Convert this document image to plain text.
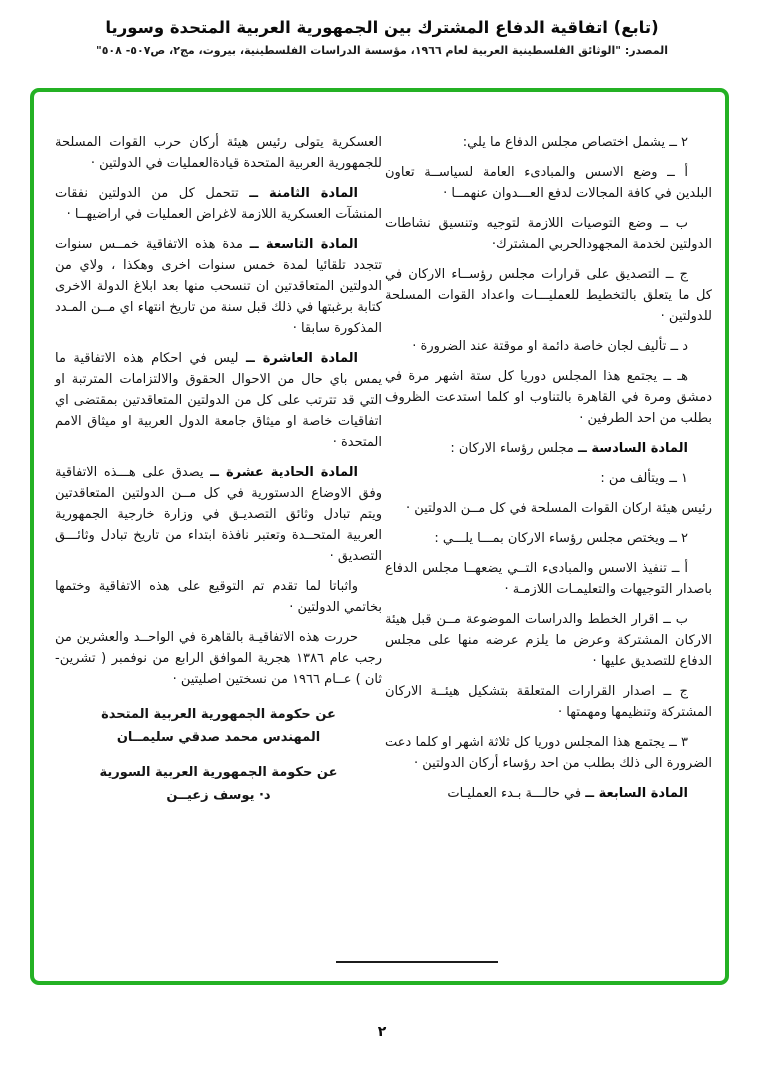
(تابع) اتفاقية الدفاع المشترك بين الجمهورية العربية المتحدة وسوريا
المصدر: "الوثائق الفلسطينية العربية لعام ١٩٦٦، مؤسسة الدراسات الفلسطينية، بيروت، مج٢، ص٥٠٧- ٥٠٨"

٢ ــ يشمل اختصاص مجلس الدفاع ما يلي:

أ ــ وضع الاسس والمبادىء العامة لسياســة تعاون البلدين في كافة المجالات لدفع العـــدوان عنهمــا ·

ب ــ وضع التوصيات اللازمة لتوجيه وتنسيق نشاطات الدولتين لخدمة المجهودالحربي المشترك·

ج ــ التصديق على قرارات مجلس رؤســاء الاركان في كل ما يتعلق بالتخطيط للعمليـــات واعداد القوات المسلحة للدولتين ·

د ــ تأليف لجان خاصة دائمة او موقتة عند الضرورة ·

هـ ــ يجتمع هذا المجلس دوريا كل ستة اشهر مرة في دمشق ومرة في القاهرة بالتناوب او كلما استدعت الظروف بطلب من احد الطرفين ·

المادة السادسة ــ مجلس رؤساء الاركان :

١ ــ ويتألف من :

رئيس هيئة اركان القوات المسلحة في كل مــن الدولتين ·

٢ ــ ويختص مجلس رؤساء الاركان بمـــا يلـــي :

أ ــ تنفيذ الاسس والمبادىء التــي يضعهــا مجلس الدفاع باصدار التوجيهات والتعليمـات اللازمـة ·

ب ــ اقرار الخطط والدراسات الموضوعة مــن قبل هيئة الاركان المشتركة وعرض ما يلزم عرضه منها على مجلس الدفاع للتصديق عليها ·

ج ــ اصدار القرارات المتعلقة بتشكيل هيئــة الاركان المشتركة وتنظيمها ومهمتها ·

٣ ــ يجتمع هذا المجلس دوريا كل ثلاثة اشهر او كلما دعت الضرورة الى ذلك بطلب من احد رؤساء أركان الدولتين ·

المادة السابعة ــ في حالـــة بـدء العمليـات

العسكرية يتولى رئيس هيئة أركان حرب القوات المسلحة للجمهورية العربية المتحدة قيادةالعمليات في الدولتين ·

المادة الثامنة ــ تتحمل كل من الدولتين نفقات المنشآت العسكرية اللازمة لاغراض العمليات في اراضيهــا ·

المادة التاسعة ــ مدة هذه الاتفاقية خمــس سنوات تتجدد تلقائيا لمدة خمس سنوات اخرى وهكذا ، ولاي من الدولتين المتعاقدتين ان تنسحب منها بعد ابلاغ الدولة الاخرى كتابة برغبتها في ذلك قبل سنة من تاريخ انتهاء اي مــن المـدد المذكورة سابقا ·

المادة العاشرة ــ ليس في احكام هذه الاتفاقية ما يمس باي حال من الاحوال الحقوق والالتزامات المترتبة او التي قد تترتب على كل من الدولتين المتعاقدتين بمقتضى اي اتفاقيات خاصة او ميثاق جامعة الدول العربية او ميثاق الامم المتحدة ·

المادة الحادية عشرة ــ يصدق على هـــذه الاتفاقية وفق الاوضاع الدستورية في كل مــن الدولتين المتعاقدتين ويتم تبادل وثائق التصديـق في وزارة خارجية الجمهورية العربية المتحــدة وتعتبر نافذة ابتداء من تاريخ تبادل وثائـــق التصديق ·

واثباتا لما تقدم تم التوقيع على هذه الاتفاقية وختمها بخاتمي الدولتين ·

حررت هذه الاتفاقيـة بالقاهرة في الواحــد والعشرين من رجب عام ١٣٨٦ هجرية الموافق الرابع من نوفمبر ( تشرين-ثان ) عــام ١٩٦٦ من نسختين اصليتين ·

عن حكومة الجمهورية العربية المتحدة

المهندس محمد صدقي سليمــان

عن حكومة الجمهورية العربية السورية

د· يوسف زعيــن

٢
